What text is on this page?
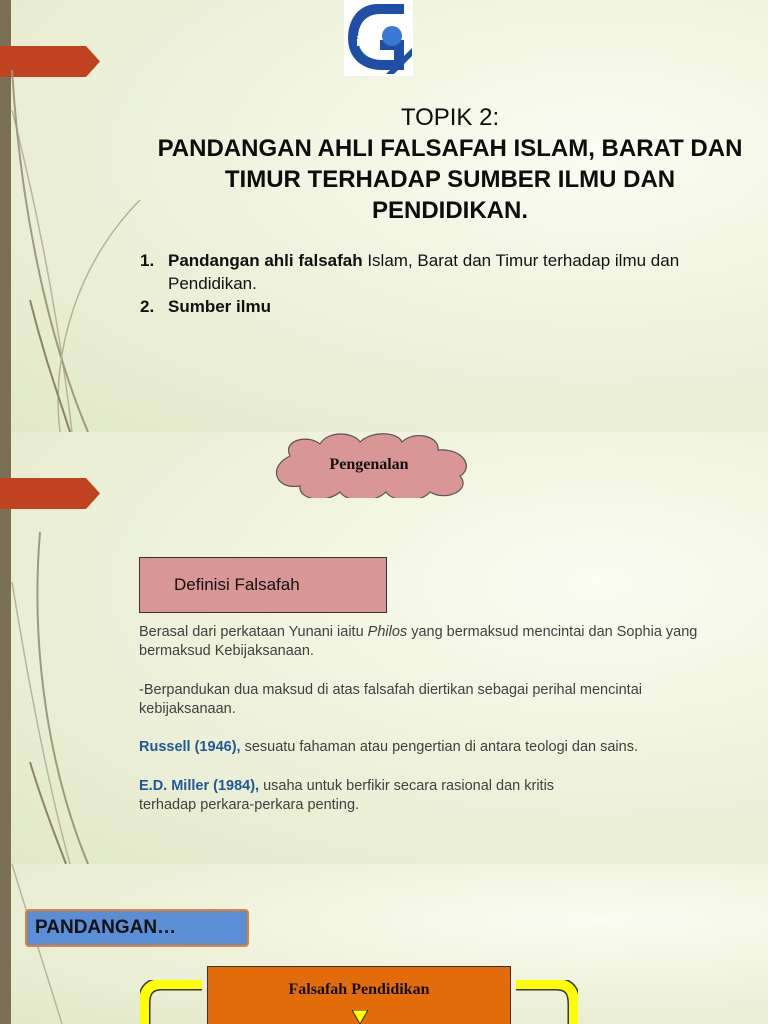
iPG
TOPIK 2:
PANDANGAN AHLI FALSAFAH ISLAM, BARAT DAN TIMUR TERHADAP SUMBER ILMU DAN PENDIDIKAN.
1. Pandangan ahli falsafah Islam, Barat dan Timur terhadap ilmu dan Pendidikan.
2. Sumber ilmu
Pengenalan
Definisi Falsafah

Berasal dari perkataan Yunani iaitu Philos yang bermaksud mencintai dan Sophia yang bermaksud Kebijaksanaan.

-Berpandukan dua maksud di atas falsafah diertikan sebagai perihal mencintai kebijaksanaan.

Russell (1946), sesuatu fahaman atau pengertian di antara teologi dan sains.

E.D. Miller (1984), usaha untuk berfikir secara rasional dan kritis terhadap perkara-perkara penting.

PANDANGAN…
Falsafah Pendidikan
